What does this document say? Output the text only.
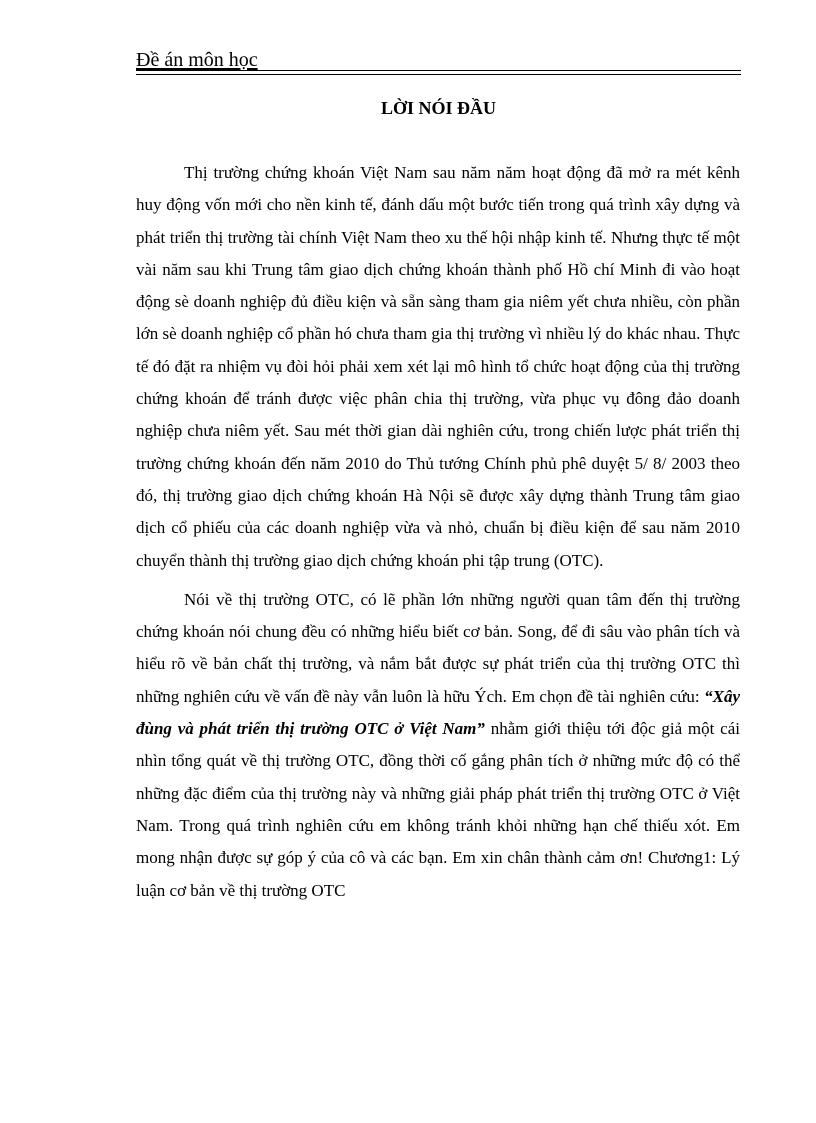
Đề án môn học
LỜI NÓI ĐẦU

Thị trường chứng khoán Việt Nam sau năm năm hoạt động đã mở ra mét kênh huy động vốn mới cho nền kinh tế, đánh dấu một bước tiến trong quá trình xây dựng và phát triển thị trường tài chính Việt Nam theo xu thế hội nhập kinh tế. Nhưng thực tế một vài năm sau khi Trung tâm giao dịch chứng khoán thành phố Hồ chí Minh đi vào hoạt động sè doanh nghiệp đủ điều kiện và sẵn sàng tham gia niêm yết chưa nhiều, còn phần lớn sè doanh nghiệp cổ phần hó chưa tham gia thị trường vì nhiều lý do khác nhau. Thực tế đó đặt ra nhiệm vụ đòi hỏi phải xem xét lại mô hình tổ chức hoạt động của thị trường chứng khoán để tránh được việc phân chia thị trường, vừa phục vụ đông đảo doanh nghiệp chưa niêm yết. Sau mét thời gian dài nghiên cứu, trong chiến lược phát triển thị trường chứng khoán đến năm 2010 do Thủ tướng Chính phủ phê duyệt 5/ 8/ 2003 theo đó, thị trường giao dịch chứng khoán Hà Nội sẽ được xây dựng thành Trung tâm giao dịch cổ phiếu của các doanh nghiệp vừa và nhỏ, chuẩn bị điều kiện để sau năm 2010 chuyển thành thị trường giao dịch chứng khoán phi tập trung (OTC).

Nói về thị trường OTC, có lẽ phần lớn những người quan tâm đến thị trường chứng khoán nói chung đều có những hiểu biết cơ bản. Song, để đi sâu vào phân tích và hiểu rõ về bản chất thị trường, và nắm bắt được sự phát triển của thị trường OTC thì những nghiên cứu về vấn đề này vẫn luôn là hữu Ých. Em chọn đề tài nghiên cứu: “Xây đùng và phát triển thị trường OTC ở Việt Nam” nhằm giới thiệu tới độc giả một cái nhìn tổng quát về thị trường OTC, đồng thời cố gắng phân tích ở những mức độ có thể những đặc điểm của thị trường này và những giải pháp phát triển thị trường OTC ở Việt Nam. Trong quá trình nghiên cứu em không tránh khỏi những hạn chế thiếu xót. Em mong nhận được sự góp ý của cô và các bạn. Em xin chân thành cảm ơn! Chương1: Lý luận cơ bản về thị trường OTC
